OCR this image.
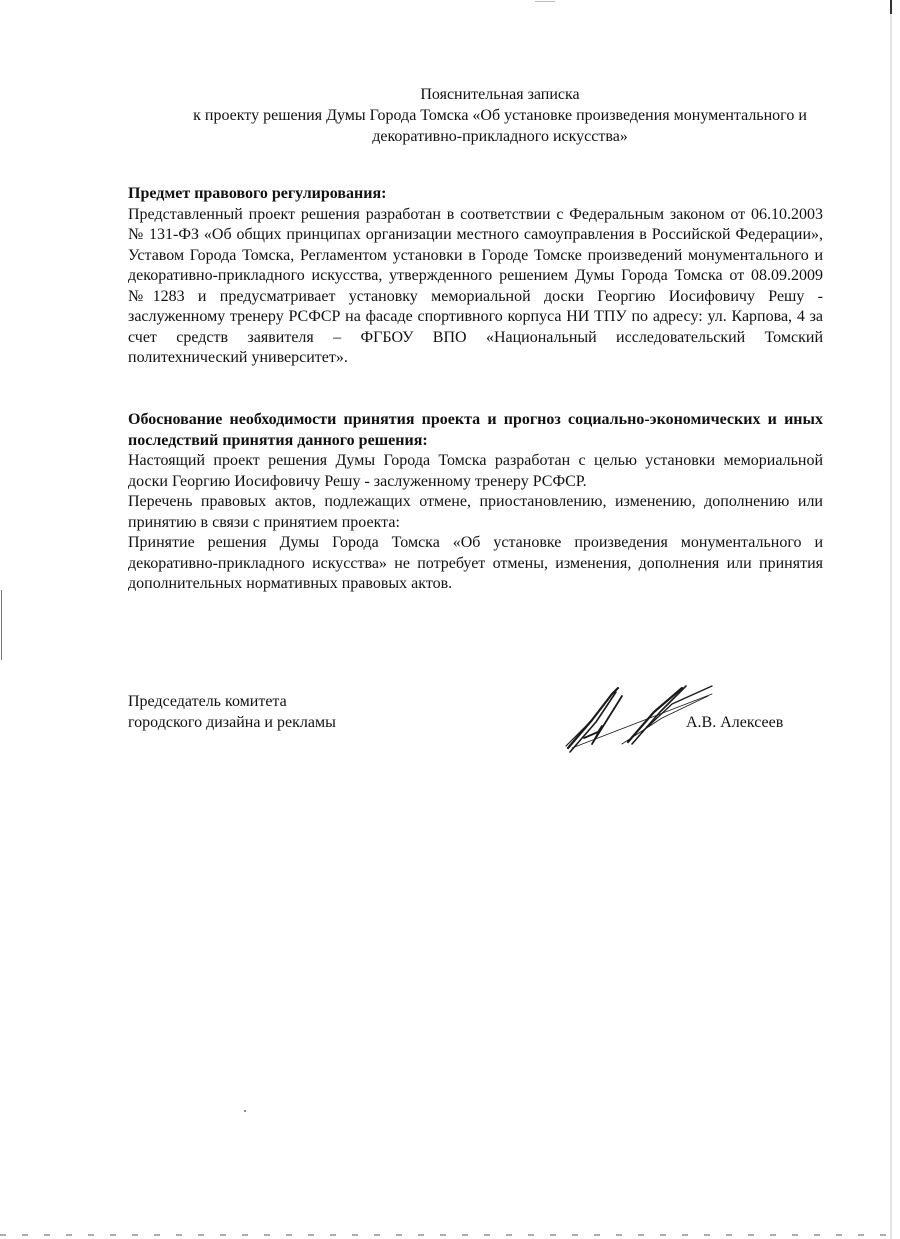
Пояснительная записка
к проекту решения Думы Города Томска «Об установке произведения монументального и
декоративно-прикладного искусства»
Предмет правового регулирования:
Представленный проект решения разработан в соответствии с Федеральным законом от 06.10.2003 № 131-ФЗ «Об общих принципах организации местного самоуправления в Российской Федерации», Уставом Города Томска, Регламентом установки в Городе Томске произведений монументального и декоративно-прикладного искусства, утвержденного решением Думы Города Томска от 08.09.2009 №1283 и предусматривает установку мемориальной доски Георгию Иосифовичу Решу - заслуженному тренеру РСФСР на фасаде спортивного корпуса НИ ТПУ по адресу: ул. Карпова, 4 за счет средств заявителя – ФГБОУ ВПО «Национальный исследовательский Томский политехнический университет».
Обоснование необходимости принятия проекта и прогноз социально-экономических и иных последствий принятия данного решения:
Настоящий проект решения Думы Города Томска разработан с целью установки мемориальной доски Георгию Иосифовичу Решу - заслуженному тренеру РСФСР.
Перечень правовых актов, подлежащих отмене, приостановлению, изменению, дополнению или принятию в связи с принятием проекта:
Принятие решения Думы Города Томска «Об установке произведения монументального и декоративно-прикладного искусства» не потребует отмены, изменения, дополнения или принятия дополнительных нормативных правовых актов.
Председатель комитета
городского дизайна и рекламы	А.В. Алексеев
